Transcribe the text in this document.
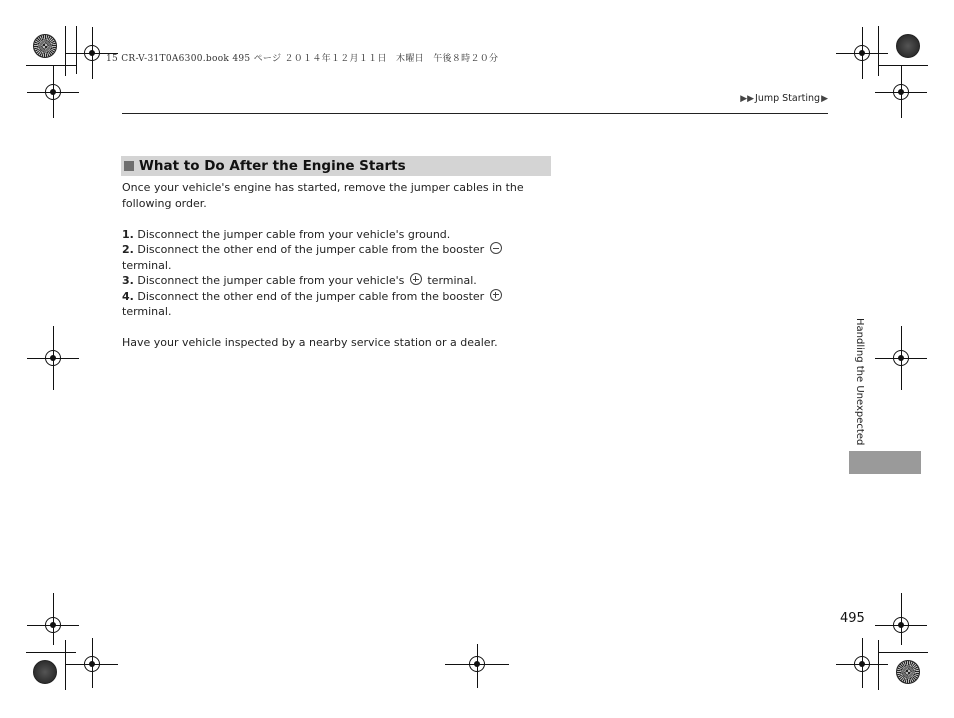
15 CR-V-31T0A6300.book 495 ページ ２０１４年１２月１１日　木曜日　午後８時２０分
▶▶ Jump Starting ▶
What to Do After the Engine Starts

Once your vehicle's engine has started, remove the jumper cables in the following order.

1. Disconnect the jumper cable from your vehicle's ground.
2. Disconnect the other end of the jumper cable from the booster  terminal.
3. Disconnect the jumper cable from your vehicle's terminal.
4. Disconnect the other end of the jumper cable from the booster  terminal.

Have your vehicle inspected by a nearby service station or a dealer.	Handling the Unexpected
495
